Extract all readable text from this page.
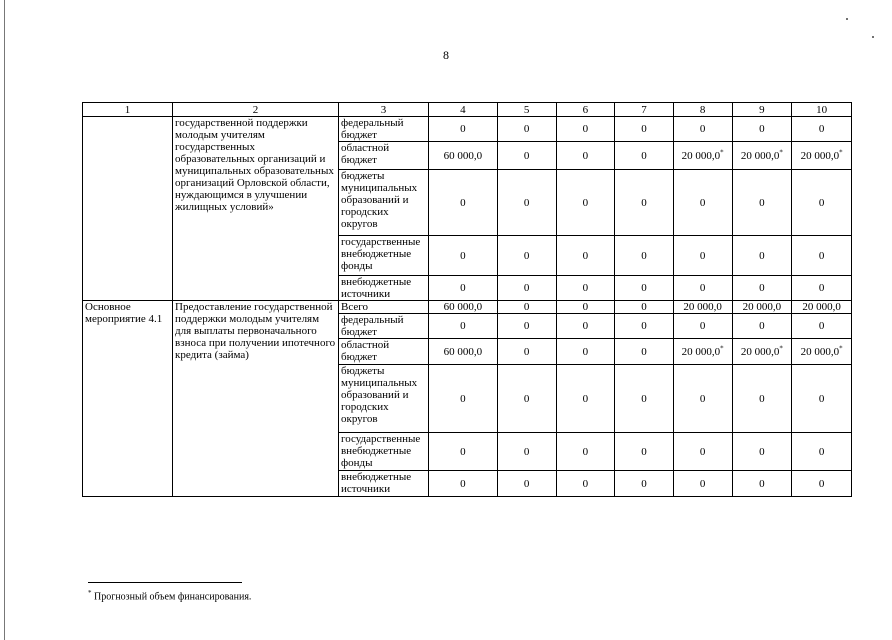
8
1	2	3	4	5	6	7	8	9	10
	государственной поддержки молодым учителям государственных образовательных организаций и муниципальных образовательных организаций Орловской области, нуждающимся в улучшении жилищных условий»	федеральный бюджет	0	0	0	0	0	0	0
		областной бюджет	60 000,0	0	0	0	20 000,0*	20 000,0*	20 000,0*
		бюджеты муниципальных образований и городских округов	0	0	0	0	0	0	0
		государственные внебюджетные фонды	0	0	0	0	0	0	0
		внебюджетные источники	0	0	0	0	0	0	0
Основное мероприятие 4.1	Предоставление государственной поддержки молодым учителям для выплаты первоначального взноса при получении ипотечного кредита (займа)	Всего	60 000,0	0	0	0	20 000,0	20 000,0	20 000,0
		федеральный бюджет	0	0	0	0	0	0	0
		областной бюджет	60 000,0	0	0	0	20 000,0*	20 000,0*	20 000,0*
		бюджеты муниципальных образований и городских округов	0	0	0	0	0	0	0
		государственные внебюджетные фонды	0	0	0	0	0	0	0
		внебюджетные источники	0	0	0	0	0	0	0
* Прогнозный объем финансирования.
